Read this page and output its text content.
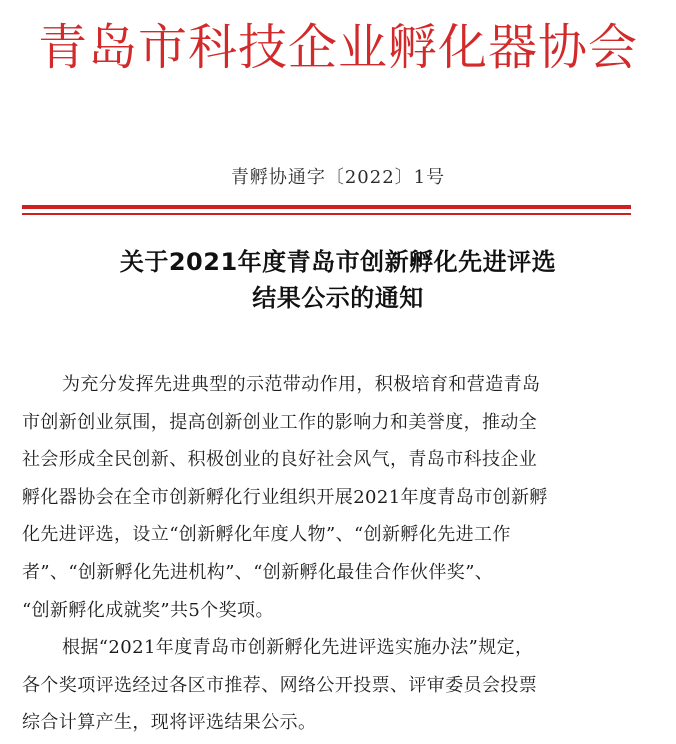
青岛市科技企业孵化器协会
青孵协通字〔2022〕1号
关于2021年度青岛市创新孵化先进评选
结果公示的通知
为充分发挥先进典型的示范带动作用，积极培育和营造青岛
市创新创业氛围，提高创新创业工作的影响力和美誉度，推动全
社会形成全民创新、积极创业的良好社会风气，青岛市科技企业
孵化器协会在全市创新孵化行业组织开展2021年度青岛市创新孵
化先进评选，设立“创新孵化年度人物”、“创新孵化先进工作
者”、“创新孵化先进机构”、“创新孵化最佳合作伙伴奖”、
“创新孵化成就奖”共5个奖项。
根据“2021年度青岛市创新孵化先进评选实施办法”规定，
各个奖项评选经过各区市推荐、网络公开投票、评审委员会投票
综合计算产生，现将评选结果公示。
